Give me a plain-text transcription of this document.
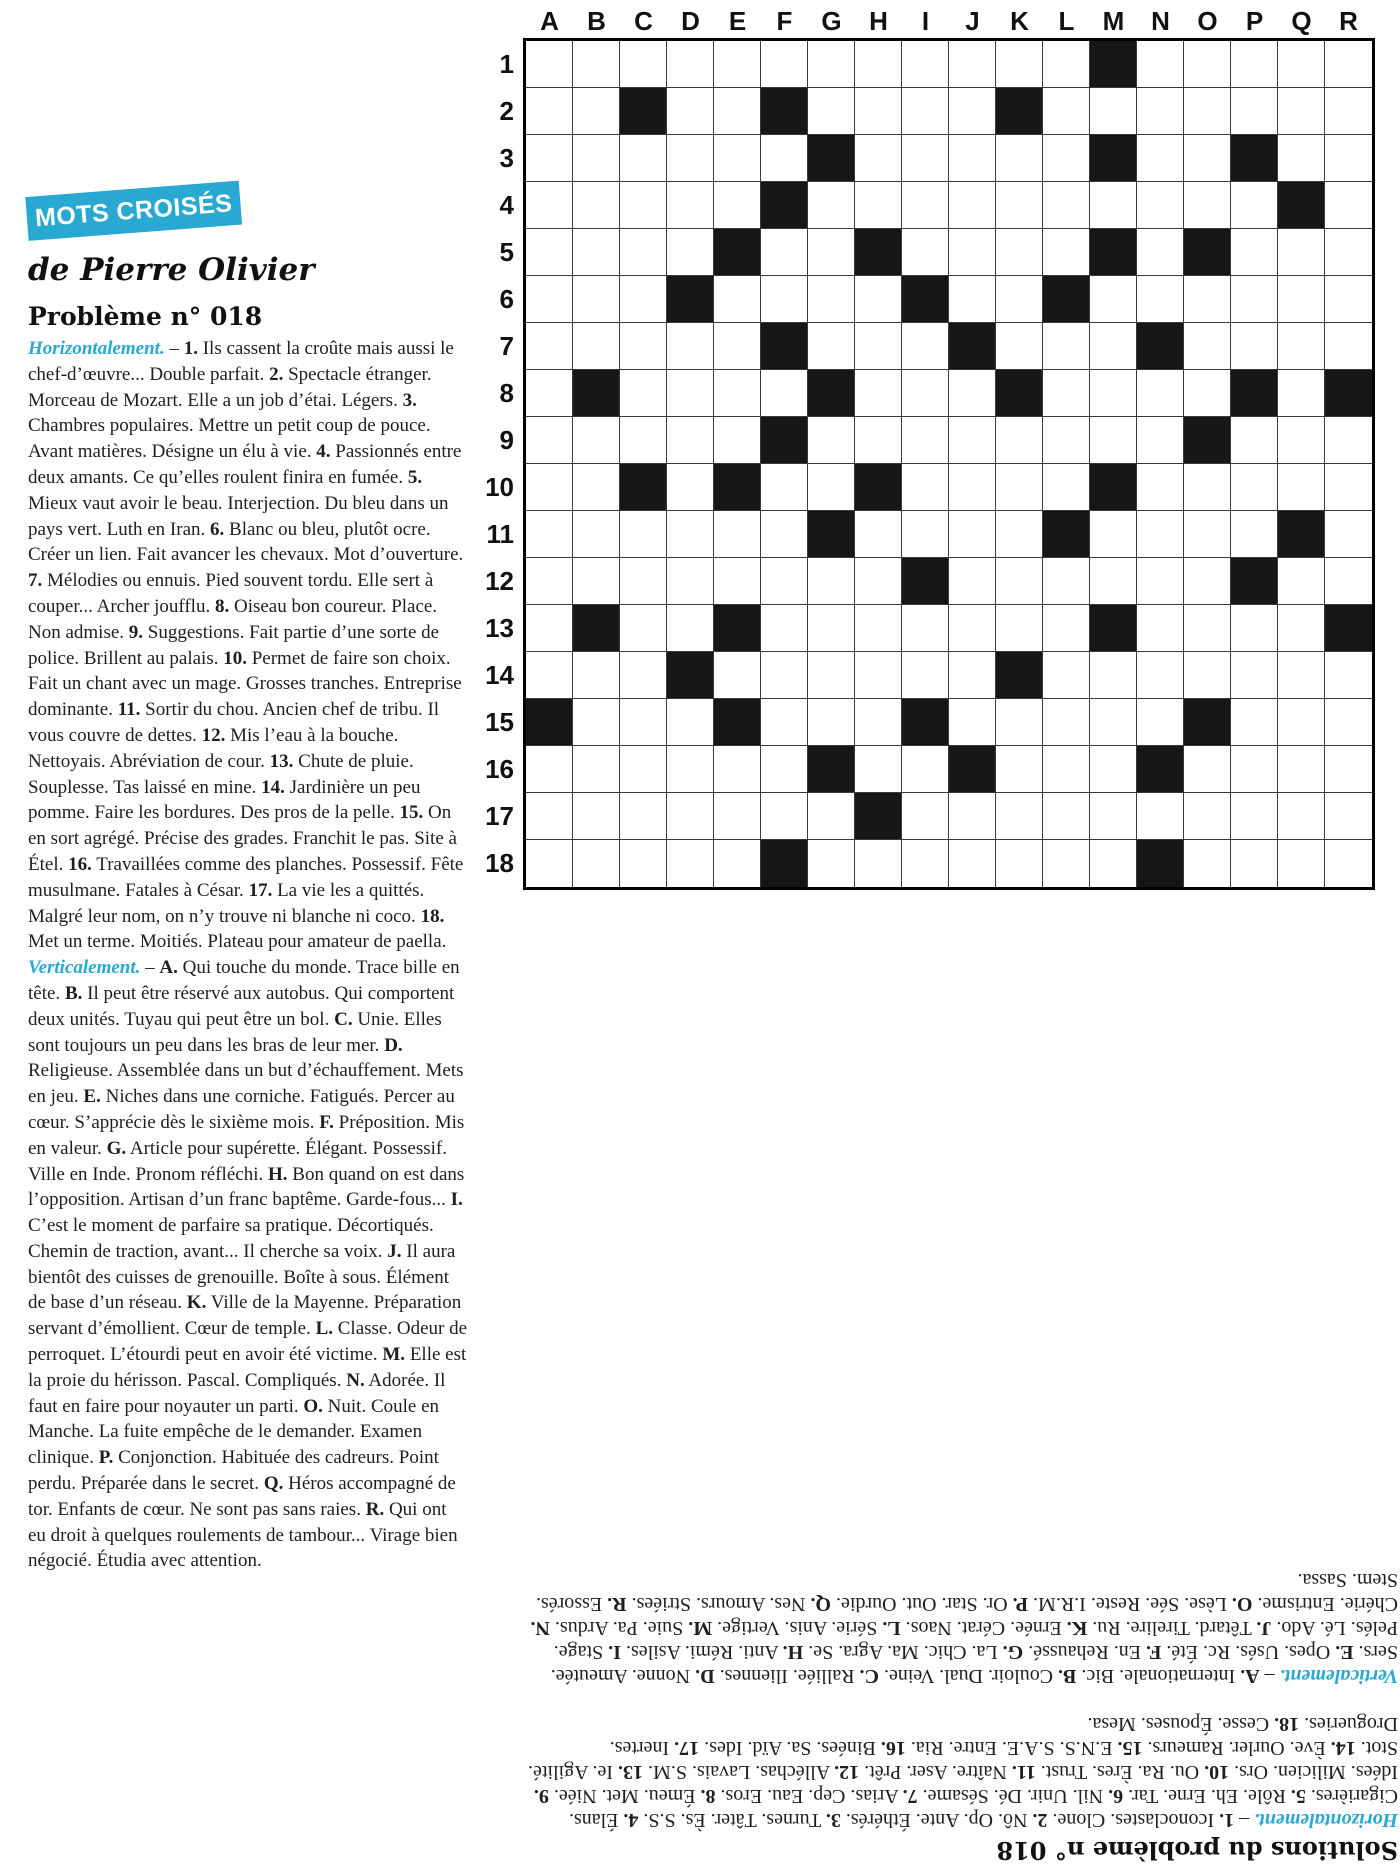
MOTS CROISÉS
de Pierre Olivier
Problème n° 018

Horizontalement. – 1. Ils cassent la croûte mais aussi le chef-d’œuvre... Double parfait. 2. Spectacle étranger. Morceau de Mozart. Elle a un job d’étai. Légers. 3. Chambres populaires. Mettre un petit coup de pouce. Avant matières. Désigne un élu à vie. 4. Passionnés entre deux amants. Ce qu’elles roulent finira en fumée. 5. Mieux vaut avoir le beau. Interjection. Du bleu dans un pays vert. Luth en Iran. 6. Blanc ou bleu, plutôt ocre. Créer un lien. Fait avancer les chevaux. Mot d’ouverture. 7. Mélodies ou ennuis. Pied souvent tordu. Elle sert à couper... Archer joufflu. 8. Oiseau bon coureur. Place. Non admise. 9. Suggestions. Fait partie d’une sorte de police. Brillent au palais. 10. Permet de faire son choix. Fait un chant avec un mage. Grosses tranches. Entreprise dominante. 11. Sortir du chou. Ancien chef de tribu. Il vous couvre de dettes. 12. Mis l’eau à la bouche. Nettoyais. Abréviation de cour. 13. Chute de pluie. Souplesse. Tas laissé en mine. 14. Jardinière un peu pomme. Faire les bordures. Des pros de la pelle. 15. On en sort agrégé. Précise des grades. Franchit le pas. Site à Étel. 16. Travaillées comme des planches. Possessif. Fête musulmane. Fatales à César. 17. La vie les a quittés. Malgré leur nom, on n’y trouve ni blanche ni coco. 18. Met un terme. Moitiés. Plateau pour amateur de paella.

Verticalement. – A. Qui touche du monde. Trace bille en tête. B. Il peut être réservé aux autobus. Qui comportent deux unités. Tuyau qui peut être un bol. C. Unie. Elles sont toujours un peu dans les bras de leur mer. D. Religieuse. Assemblée dans un but d’échauffement. Mets en jeu. E. Niches dans une corniche. Fatigués. Percer au cœur. S’apprécie dès le sixième mois. F. Préposition. Mis en valeur. G. Article pour supérette. Élégant. Possessif. Ville en Inde. Pronom réfléchi. H. Bon quand on est dans l’opposition. Artisan d’un franc baptême. Garde-fous... I. C’est le moment de parfaire sa pratique. Décortiqués. Chemin de traction, avant... Il cherche sa voix. J. Il aura bientôt des cuisses de grenouille. Boîte à sous. Élément de base d’un réseau. K. Ville de la Mayenne. Préparation servant d’émollient. Cœur de temple. L. Classe. Odeur de perroquet. L’étourdi peut en avoir été victime. M. Elle est la proie du hérisson. Pascal. Compliqués. N. Adorée. Il faut en faire pour noyauter un parti. O. Nuit. Coule en Manche. La fuite empêche de le demander. Examen clinique. P. Conjonction. Habituée des cadreurs. Point perdu. Préparée dans le secret. Q. Héros accompagné de tor. Enfants de cœur. Ne sont pas sans raies. R. Qui ont eu droit à quelques roulements de tambour... Virage bien négocié. Étudia avec attention.

A	B	C	D	E	F	G	H	I	J	K	L	M	N	O	P	Q	R
1
2
3
4
5
6
7
8
9
10
11
12
13
14
15
16
17
18
Solutions du problème n° 018

Horizontalement. – 1. Iconoclastes. Clone. 2. Nô. Op. Ante. Éthérés. 3. Turnes. Tâter. Ès. S.S. 4. Élans. Cigarières. 5. Rôle. Eh. Erne. Tar. 6. Nil. Unir. Dé. Sésame. 7. Arias. Cep. Eau. Eros. 8. Émeu. Met. Niée. 9. Idées. Milicien. Ors. 10. Ou. Ra. Ères. Trust. 11. Naître. Aser. Prêt. 12. Alléchas. Lavais. S.M. 13. Ie. Agilité. Stot. 14. Ève. Ourler. Rameurs. 15. E.N.S. S.A.E. Entre. Ria. 16. Binées. Sa. Aïd. Ides. 17. Inertes. Drogueries. 18. Cesse. Épouses. Mesa.

Verticalement. – A. Internationale. Bic. B. Couloir. Dual. Veine. C. Ralliée. Iliennes. D. Nonne. Ameutée. Sers. E. Opes. Usés. Rc. Été. F. En. Rehaussé. G. La. Chic. Ma. Agra. Se. H. Anti. Rémi. Asiles. I. Stage. Pelés. Lé. Ado. J. Têtard. Tirelire. Ru. K. Ernée. Cérat. Naos. L. Série. Anis. Vertige. M. Suie. Pa. Ardus. N. Chérie. Entrisme. O. Lèse. Sée. Reste. I.R.M. P. Or. Star. Out. Ourdie. Q. Nes. Amours. Striées. R. Essorés. Stem. Sassa.
